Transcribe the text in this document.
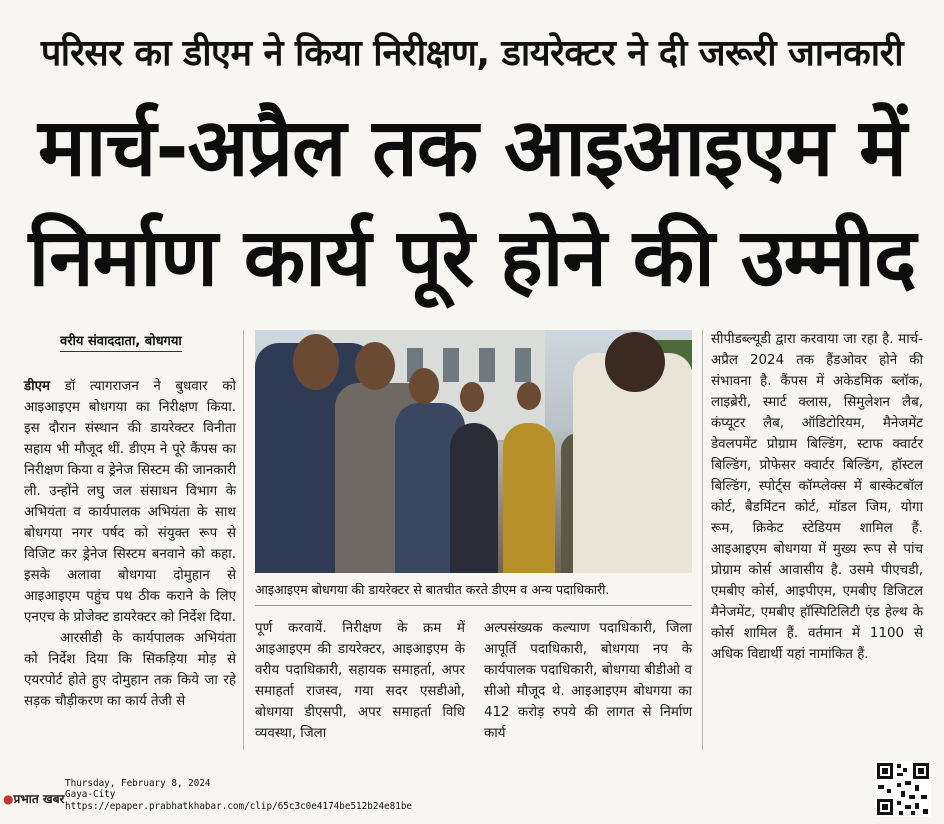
परिसर का डीएम ने किया निरीक्षण, डायरेक्टर ने दी जरूरी जानकारी
मार्च-अप्रैल तक आइआइएम में
निर्माण कार्य पूरे होने की उम्मीद
वरीय संवाददाता, बोधगया

डीएम डॉ त्यागराजन ने बुधवार को आइआइएम बोधगया का निरीक्षण किया. इस दौरान संस्थान की डायरेक्टर विनीता सहाय भी मौजूद थीं. डीएम ने पूरे कैंपस का निरीक्षण किया व ड्रेनेज सिस्टम की जानकारी ली. उन्होंने लघु जल संसाधन विभाग के अभियंता व कार्यपालक अभियंता के साथ बोधगया नगर पर्षद को संयुक्त रूप से विजिट कर ड्रेनेज सिस्टम बनवाने को कहा. इसके अलावा बोधगया दोमुहान से आइआइएम पहुंच पथ ठीक कराने के लिए एनएच के प्रोजेक्ट डायरेक्टर को निर्देश दिया.

आरसीडी के कार्यपालक अभियंता को निर्देश दिया कि सिकड़िया मोड़ से एयरपोर्ट होते हुए दोमुहान तक किये जा रहे सड़क चौड़ीकरण का कार्य तेजी से

आइआइएम बोधगया की डायरेक्टर से बातचीत करते डीएम व अन्य पदाधिकारी.
पूर्ण करवायें. निरीक्षण के क्रम में आइआइएम की डायरेक्टर, आइआइएम के वरीय पदाधिकारी, सहायक समाहर्ता, अपर समाहर्ता राजस्व, गया सदर एसडीओ, बोधगया डीएसपी, अपर समाहर्ता विधि व्यवस्था, जिला
अल्पसंख्यक कल्याण पदाधिकारी, जिला आपूर्ति पदाधिकारी, बोधगया नप के कार्यपालक पदाधिकारी, बोधगया बीडीओ व सीओ मौजूद थे. आइआइएम बोधगया का 412 करोड़ रुपये की लागत से निर्माण कार्य
सीपीडब्ल्यूडी द्वारा करवाया जा रहा है. मार्च- अप्रैल 2024 तक हैंडओवर होने की संभावना है. कैंपस में अकेडमिक ब्लॉक, लाइब्रेरी, स्मार्ट क्लास, सिमुलेशन लैब, कंप्यूटर लैब, ऑडिटोरियम, मैनेजमेंट डेवलपमेंट प्रोग्राम बिल्डिंग, स्टाफ क्वार्टर बिल्डिंग, प्रोफेसर क्वार्टर बिल्डिंग, हॉस्टल बिल्डिंग, स्पोर्ट्स कॉम्प्लेक्स में बास्केटबॉल कोर्ट, बैडमिंटन कोर्ट, मॉडल जिम, योगा रूम, क्रिकेट स्टेडियम शामिल हैं. आइआइएम बोधगया में मुख्य रूप से पांच प्रोग्राम कोर्स आवासीय है. उसमे पीएचडी, एमबीए कोर्स, आइपीएम, एमबीए डिजिटल मैनेजमेंट, एमबीए हॉस्पिटिलिटी एंड हेल्थ के कोर्स शामिल हैं. वर्तमान में 1100 से अधिक विद्यार्थी यहां नामांकित हैं.
●प्रभात खबर
Thursday, February 8, 2024
Gaya-City
https://epaper.prabhatkhabar.com/clip/65c3c0e4174be512b24e81be
